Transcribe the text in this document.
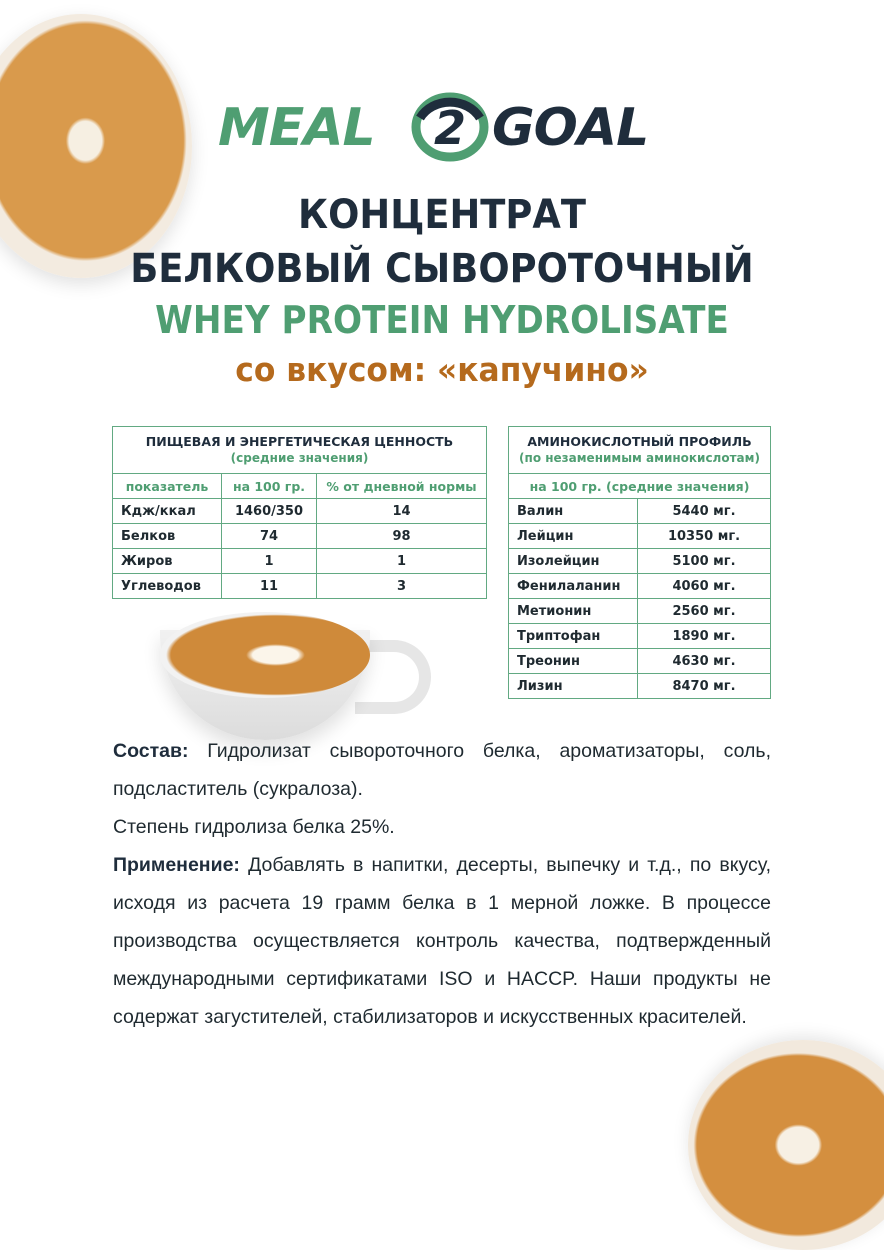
MEAL 2 GOAL
КОНЦЕНТРАТ
БЕЛКОВЫЙ СЫВОРОТОЧНЫЙ
WHEY PROTEIN HYDROLISATE
со вкусом: «капучино»
ПИЩЕВАЯ И ЭНЕРГЕТИЧЕСКАЯ ЦЕННОСТЬ
(средние значения)		

показатель	на 100 гр.	% от дневной нормы
Кдж/ккал	1460/350	14
Белков	74	98
Жиров	1	1
Углеводов	11	3
АМИНОКИСЛОТНЫЙ ПРОФИЛЬ
(по незаменимым аминокислотам)	

на 100 гр. (средние значения)	
Валин	5440 мг.
Лейцин	10350 мг.
Изолейцин	5100 мг.
Фенилаланин	4060 мг.
Метионин	2560 мг.
Триптофан	1890 мг.
Треонин	4630 мг.
Лизин	8470 мг.
Состав: Гидролизат сывороточного белка, ароматизаторы, соль, подсластитель (сукралоза).
Степень гидролиза белка 25%.
Применение: Добавлять в напитки, десерты, выпечку и т.д., по вкусу, исходя из расчета 19 грамм белка в 1 мерной ложке. В процессе производства осуществляется контроль качества, подтвержденный международными сертификатами ISO и HACCP. Наши продукты не содержат загустителей, стабилизаторов и искусственных красителей.
